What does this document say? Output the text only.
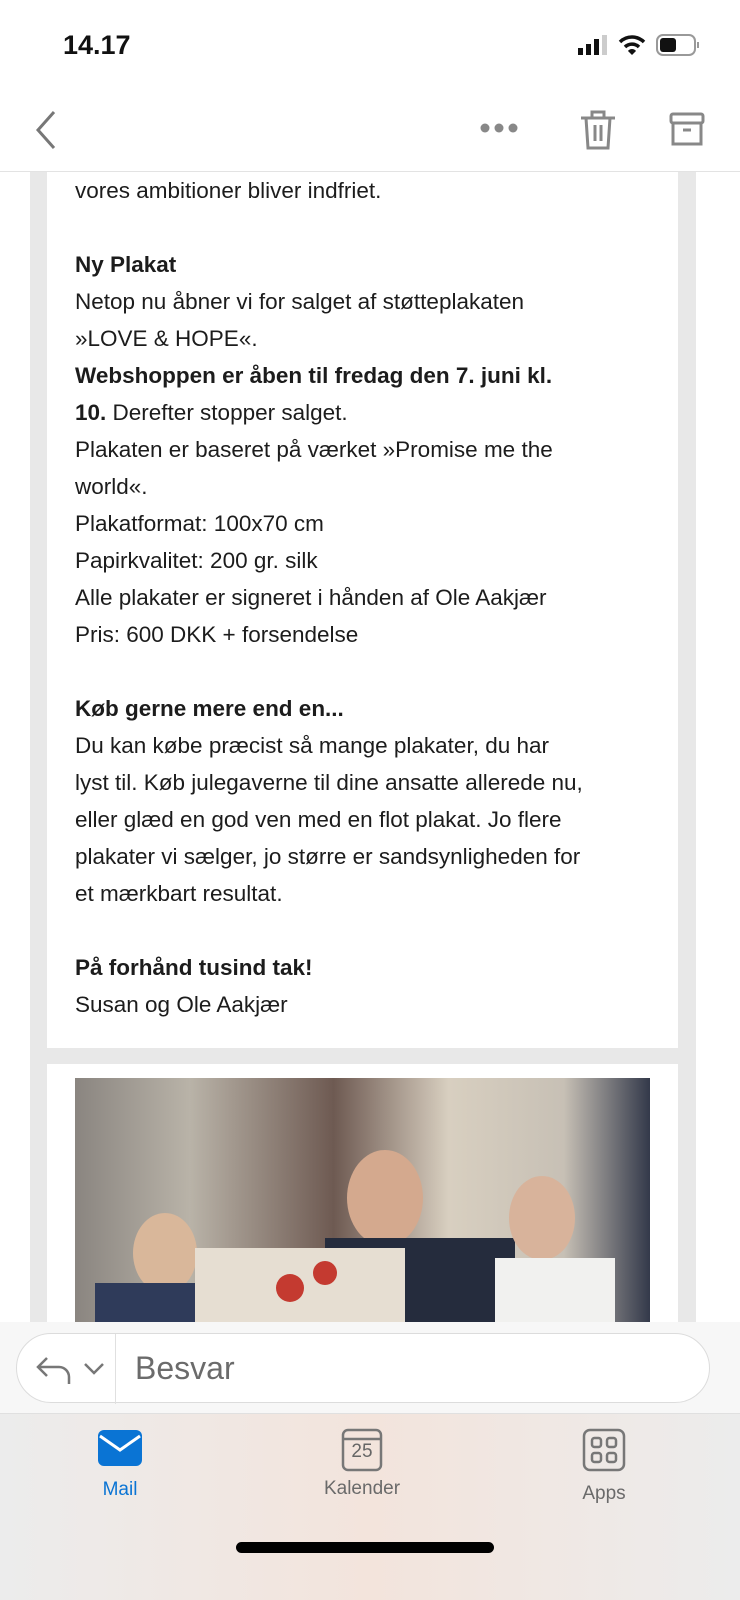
14.17
vores ambitioner bliver indfriet.
Ny Plakat
Netop nu åbner vi for salget af støtteplakaten
»LOVE & HOPE«.
Webshoppen er åben til fredag den 7. juni kl.
10. Derefter stopper salget.
Plakaten er baseret på værket »Promise me the
world«.
Plakatformat: 100x70 cm
Papirkvalitet: 200 gr. silk
Alle plakater er signeret i hånden af Ole Aakjær
Pris: 600 DKK + forsendelse
Køb gerne mere end en...
Du kan købe præcist så mange plakater, du har
lyst til. Køb julegaverne til dine ansatte allerede nu,
eller glæd en god ven med en flot plakat. Jo flere
plakater vi sælger, jo større er sandsynligheden for
et mærkbart resultat.
På forhånd tusind tak!
Susan og Ole Aakjær
Besvar
Mail
25
Kalender	Apps
